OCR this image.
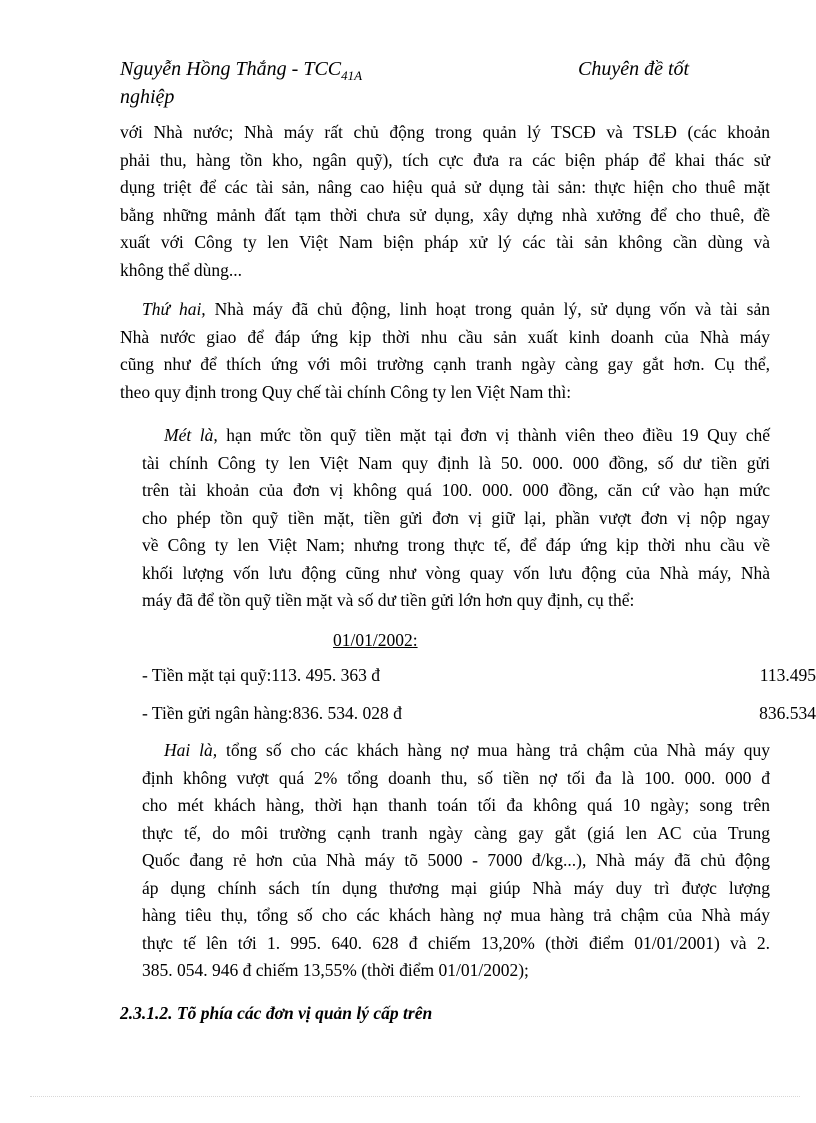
Nguyễn Hồng Thắng - $TCC_{41A}$	Chuyên đề tốt
nghiệp
với Nhà nước; Nhà máy rất chủ động trong quản lý TSCĐ và TSLĐ (các khoản
phải thu, hàng tồn kho, ngân quỹ), tích cực đưa ra các biện pháp để khai thác sử
dụng triệt để các tài sản, nâng cao hiệu quả sử dụng tài sản: thực hiện cho thuê mặt
bằng những mảnh đất tạm thời chưa sử dụng, xây dựng nhà xưởng để cho thuê, đề
xuất với Công ty len Việt Nam biện pháp xử lý các tài sản không cần dùng và
không thể dùng...
Thứ hai, Nhà máy đã chủ động, linh hoạt trong quản lý, sử dụng vốn và tài sản
Nhà nước giao để đáp ứng kịp thời nhu cầu sản xuất kinh doanh của Nhà máy
cũng như để thích ứng với môi trường cạnh tranh ngày càng gay gắt hơn. Cụ thể,
theo quy định trong Quy chế tài chính Công ty len Việt Nam thì:
Mét là, hạn mức tồn quỹ tiền mặt tại đơn vị thành viên theo điều 19 Quy chế
tài chính Công ty len Việt Nam quy định là 50. 000. 000 đồng, số dư tiền gửi
trên tài khoản của đơn vị không quá 100. 000. 000 đồng, căn cứ vào hạn mức
cho phép tồn quỹ tiền mặt, tiền gửi đơn vị giữ lại, phần vượt đơn vị nộp ngay
về Công ty len Việt Nam; nhưng trong thực tế, để đáp ứng kịp thời nhu cầu về
khối lượng vốn lưu động cũng như vòng quay vốn lưu động của Nhà máy, Nhà
máy đã để tồn quỹ tiền mặt và số dư tiền gửi lớn hơn quy định, cụ thể:
01/01/2002:
- Tiền mặt tại quỹ:113. 495. 363 đ	113.495
- Tiền gửi ngân hàng:836. 534. 028 đ	836.534
Hai là, tổng số cho các khách hàng nợ mua hàng trả chậm của Nhà máy quy
định không vượt quá 2% tổng doanh thu, số tiền nợ tối đa là 100. 000. 000 đ
cho mét khách hàng, thời hạn thanh toán tối đa không quá 10 ngày; song trên
thực tế, do môi trường cạnh tranh ngày càng gay gắt (giá len AC của Trung
Quốc đang rẻ hơn của Nhà máy tõ 5000 - 7000 đ/kg...), Nhà máy đã chủ động
áp dụng chính sách tín dụng thương mại giúp Nhà máy duy trì được lượng
hàng tiêu thụ, tổng số cho các khách hàng nợ mua hàng trả chậm của Nhà máy
thực tế lên tới 1. 995. 640. 628 đ chiếm 13,20% (thời điểm 01/01/2001) và 2.
385. 054. 946 đ chiếm 13,55% (thời điểm 01/01/2002);
2.3.1.2. Tõ phía các đơn vị quản lý cấp trên
